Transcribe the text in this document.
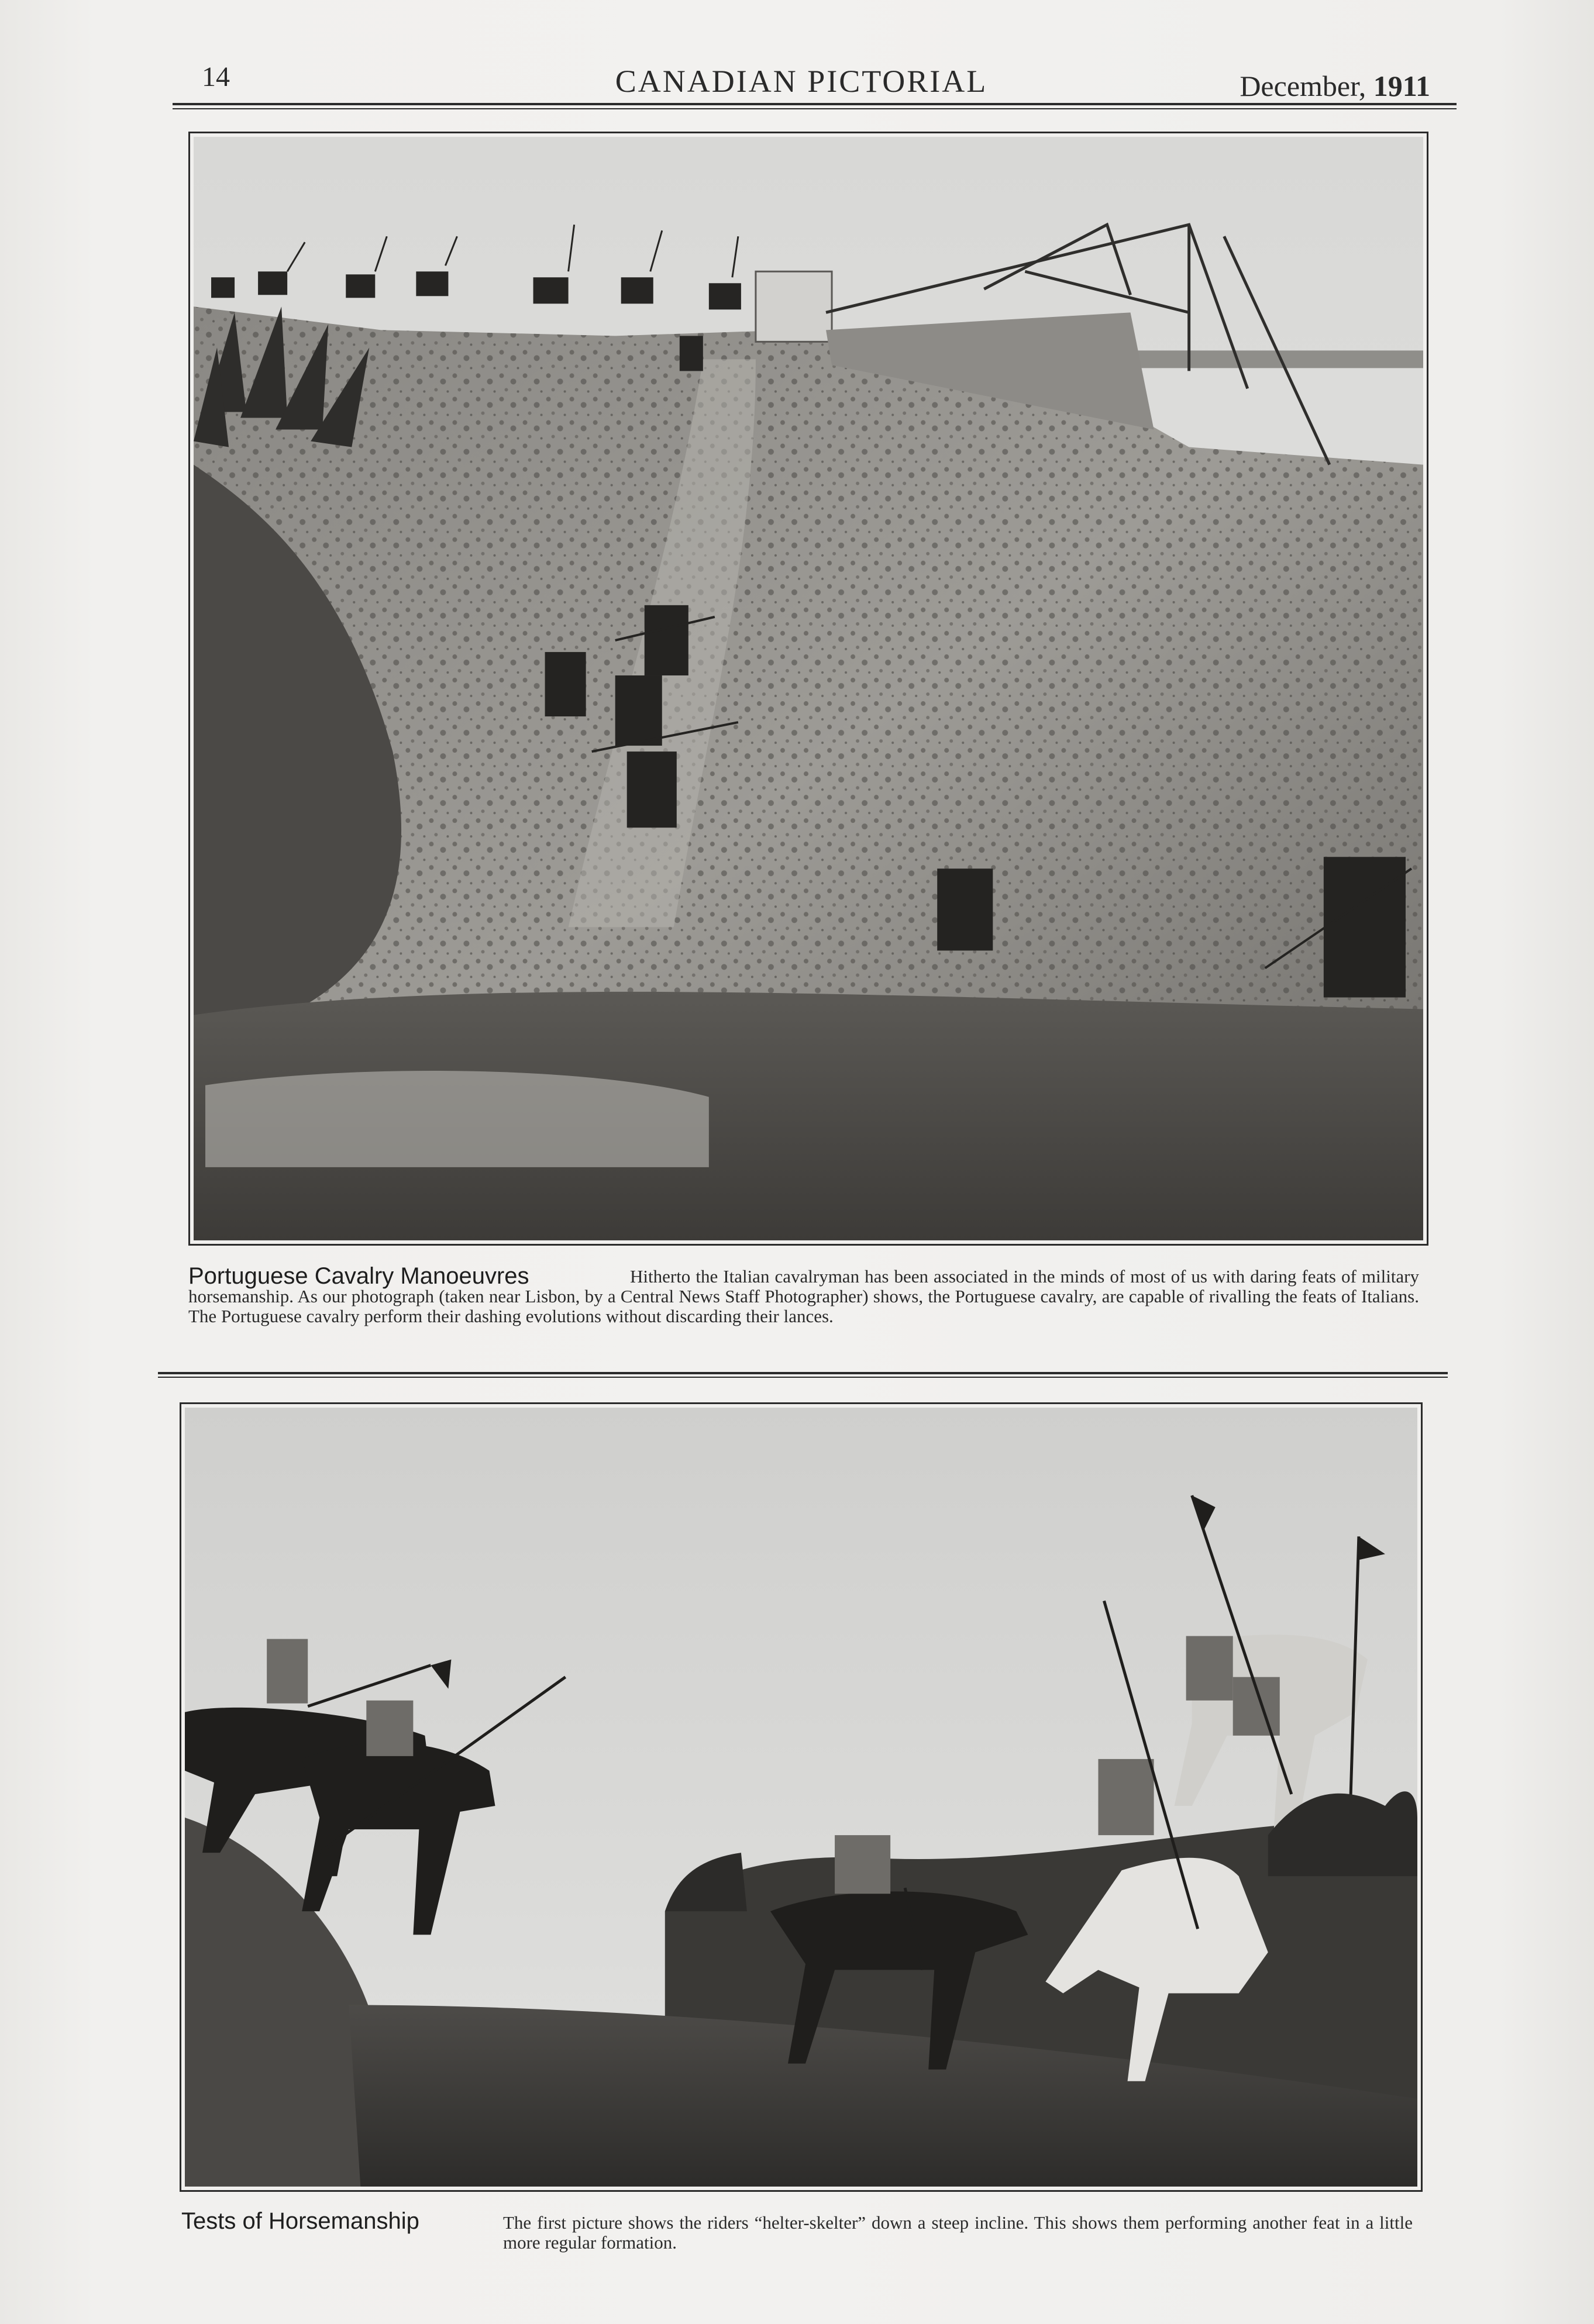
14	CANADIAN PICTORIAL	December, 1911
Portuguese Cavalry Manoeuvres	Hitherto the Italian cavalryman has been associated in the minds of most of us with daring feats of military horsemanship. As our photograph (taken near Lisbon, by a Central News Staff Photographer) shows, the Portuguese cavalry, are capable of rivalling the feats of Italians. The Portuguese cavalry perform their dashing evolutions without discarding their lances.
Tests of Horsemanship	The first picture shows the riders “helter-skelter” down a steep incline. This shows them performing another feat in a little more regular formation.
